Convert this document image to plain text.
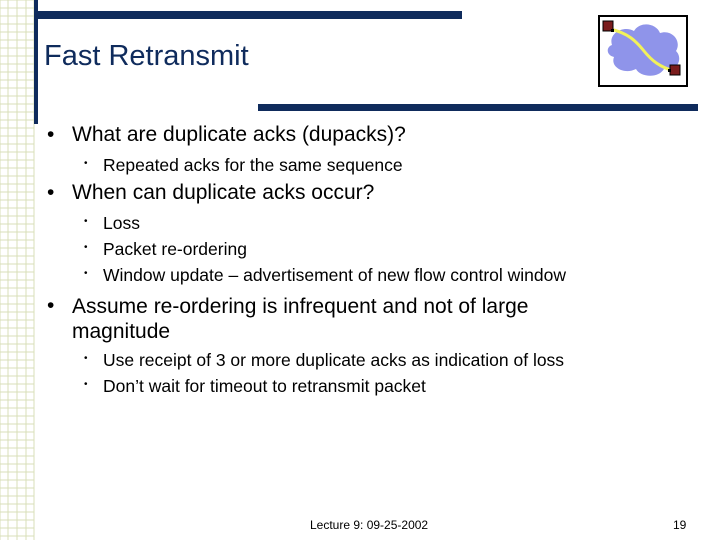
Fast Retransmit
• What are duplicate acks (dupacks)?
• Repeated acks for the same sequence
• When can duplicate acks occur?
• Loss
• Packet re-ordering
• Window update – advertisement of new flow control window
• Assume re-ordering is infrequent and not of large magnitude
• Use receipt of 3 or more duplicate acks as indication of loss
• Don’t wait for timeout to retransmit packet
Lecture 9: 09-25-2002	19
